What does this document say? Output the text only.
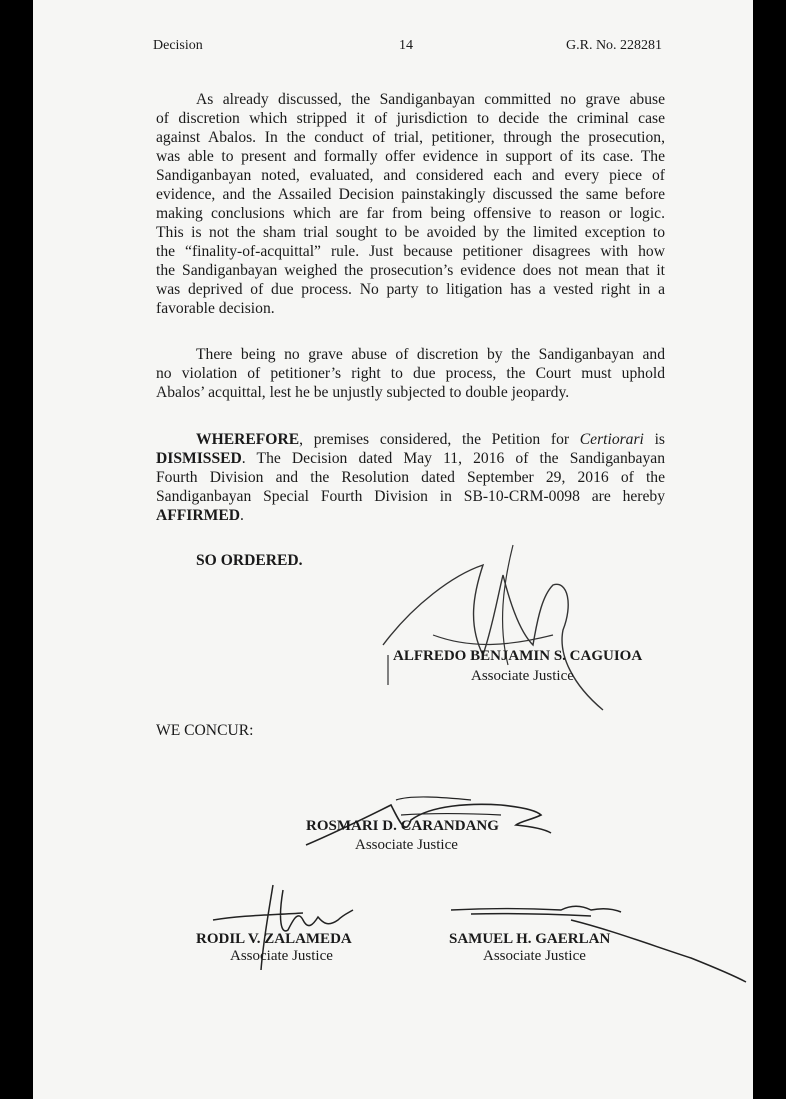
Decision	14	G.R. No. 228281
As already discussed, the Sandiganbayan committed no grave abuse
of discretion which stripped it of jurisdiction to decide the criminal case
against Abalos. In the conduct of trial, petitioner, through the prosecution,
was able to present and formally offer evidence in support of its case. The
Sandiganbayan noted, evaluated, and considered each and every piece of
evidence, and the Assailed Decision painstakingly discussed the same before
making conclusions which are far from being offensive to reason or logic.
This is not the sham trial sought to be avoided by the limited exception to
the “finality-of-acquittal” rule. Just because petitioner disagrees with how
the Sandiganbayan weighed the prosecution’s evidence does not mean that it
was deprived of due process. No party to litigation has a vested right in a
favorable decision.
There being no grave abuse of discretion by the Sandiganbayan and
no violation of petitioner’s right to due process, the Court must uphold
Abalos’ acquittal, lest he be unjustly subjected to double jeopardy.
WHEREFORE, premises considered, the Petition for Certiorari is
DISMISSED. The Decision dated May 11, 2016 of the Sandiganbayan
Fourth Division and the Resolution dated September 29, 2016 of the
Sandiganbayan Special Fourth Division in SB-10-CRM-0098 are hereby
AFFIRMED.
SO ORDERED.
ALFREDO BENJAMIN S. CAGUIOA
Associate Justice
WE CONCUR:
ROSMARI D. CARANDANG
Associate Justice
RODIL V. ZALAMEDA
Associate Justice
SAMUEL H. GAERLAN
Associate Justice
